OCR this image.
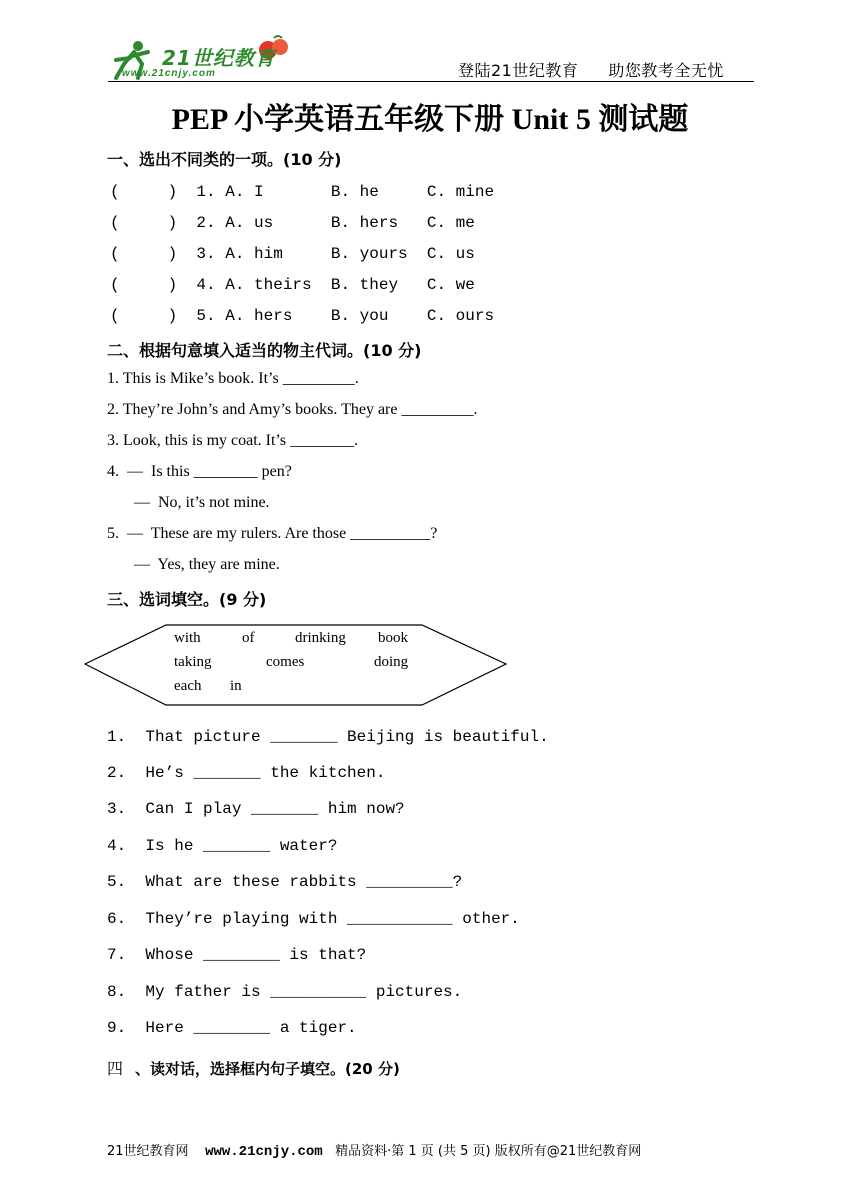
21世纪教育
www.21cnjy.com	登陆21世纪教育 助您教考全无忧
PEP 小学英语五年级下册 Unit 5 测试题
一、选出不同类的一项。(10 分)
(     )  1. A. I       B. he     C. mine
(     )  2. A. us      B. hers   C. me
(     )  3. A. him     B. yours  C. us
(     )  4. A. theirs  B. they   C. we
(     )  5. A. hers    B. you    C. ours
二、根据句意填入适当的物主代词。(10 分)
1. This is Mike’s book. It’s _________.
2. They’re John’s and Amy’s books. They are _________.
3. Look, this is my coat. It’s ________.
4.  —  Is this ________ pen?
—  No, it’s not mine.
5.  —  These are my rulers. Are those __________?
—  Yes, they are mine.
三、选词填空。(9 分)
with	of	drinking book
taking	comes	doing
each in
1.  That picture _______ Beijing is beautiful.
2.  He’s _______ the kitchen.
3.  Can I play _______ him now?
4.  Is he _______ water?
5.  What are these rabbits _________?
6.  They’re playing with ___________ other.
7.  Whose ________ is that?
8.  My father is __________ pictures.
9.  Here ________ a tiger.
四 、读对话，选择框内句子填空。(20 分)
21世纪教育网 www.21cnjy.com 精品资料·第 1 页 (共 5 页) 版权所有@21世纪教育网
